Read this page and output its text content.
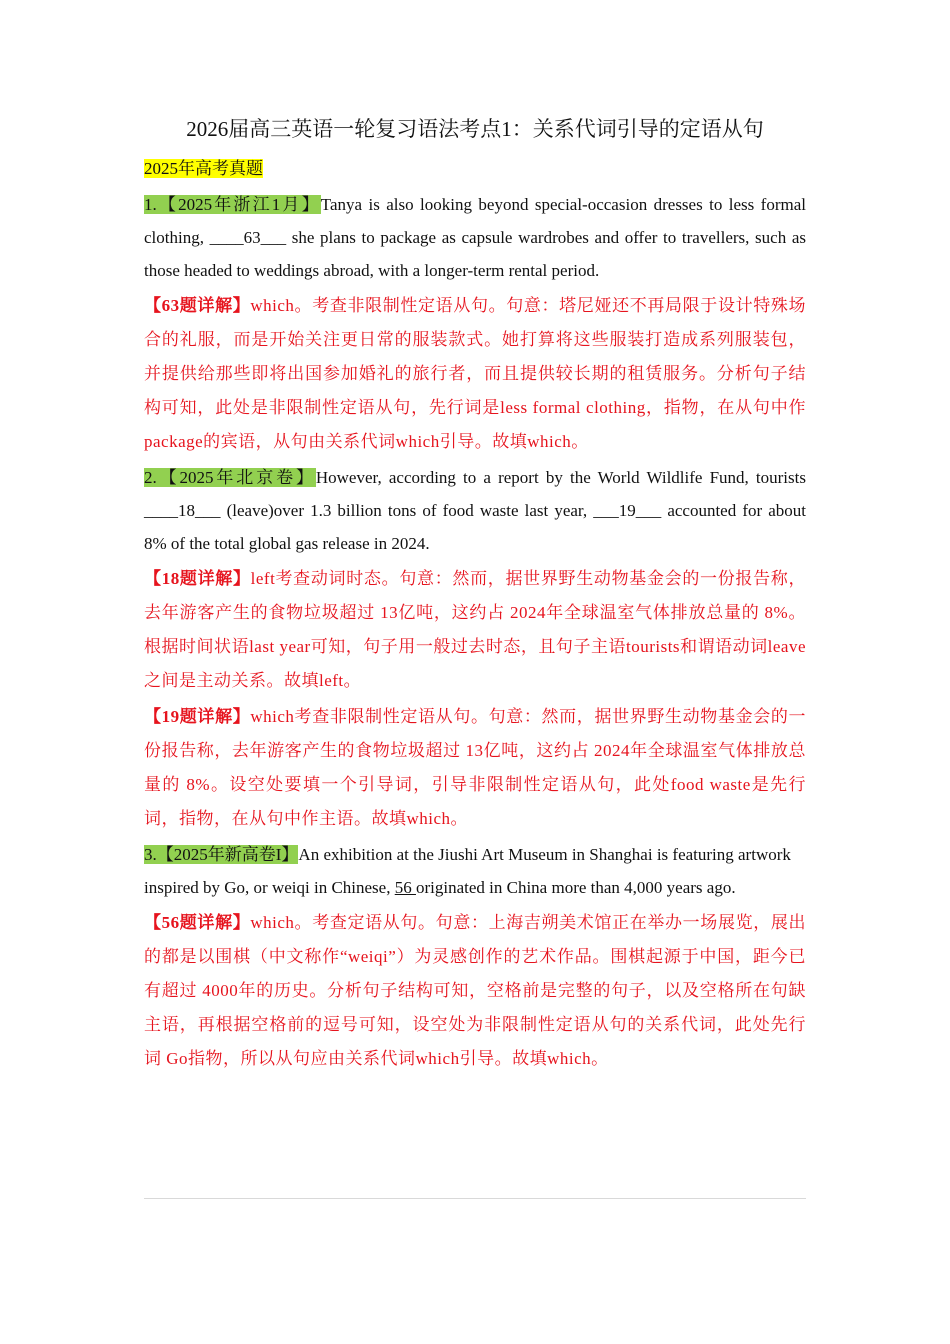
2026届高三英语一轮复习语法考点1：关系代词引导的定语从句
2025年高考真题
1.【2025年浙江1月】Tanya is also looking beyond special-occasion dresses to less formal clothing, ____63___ she plans to package as capsule wardrobes and offer to travellers, such as those headed to weddings abroad, with a longer-term rental period.
【63题详解】which。考查非限制性定语从句。句意：塔尼娅还不再局限于设计特殊场合的礼服，而是开始关注更日常的服装款式。她打算将这些服装打造成系列服装包，并提供给那些即将出国参加婚礼的旅行者，而且提供较长期的租赁服务。分析句子结构可知，此处是非限制性定语从句，先行词是less formal clothing，指物，在从句中作package的宾语，从句由关系代词which引导。故填which。
2.【2025年北京卷】However, according to a report by the World Wildlife Fund, tourists ____18___ (leave)over 1.3 billion tons of food waste last year, ___19___ accounted for about 8% of the total global gas release in 2024.
【18题详解】left考查动词时态。句意：然而，据世界野生动物基金会的一份报告称，去年游客产生的食物垃圾超过 13亿吨，这约占 2024年全球温室气体排放总量的 8%。根据时间状语last year可知，句子用一般过去时态，且句子主语tourists和谓语动词leave之间是主动关系。故填left。
【19题详解】which考查非限制性定语从句。句意：然而，据世界野生动物基金会的一份报告称，去年游客产生的食物垃圾超过 13亿吨，这约占 2024年全球温室气体排放总量的 8%。设空处要填一个引导词，引导非限制性定语从句，此处food waste是先行词，指物，在从句中作主语。故填which。
3.【2025年新高卷I】An exhibition at the Jiushi Art Museum in Shanghai is featuring artwork inspired by Go, or weiqi in Chinese, 56 originated in China more than 4,000 years ago.
【56题详解】which。考查定语从句。句意：上海吉朔美术馆正在举办一场展览，展出的都是以围棋（中文称作“weiqi”）为灵感创作的艺术作品。围棋起源于中国，距今已有超过 4000年的历史。分析句子结构可知，空格前是完整的句子，以及空格所在句缺主语，再根据空格前的逗号可知，设空处为非限制性定语从句的关系代词，此处先行词 Go指物，所以从句应由关系代词which引导。故填which。
